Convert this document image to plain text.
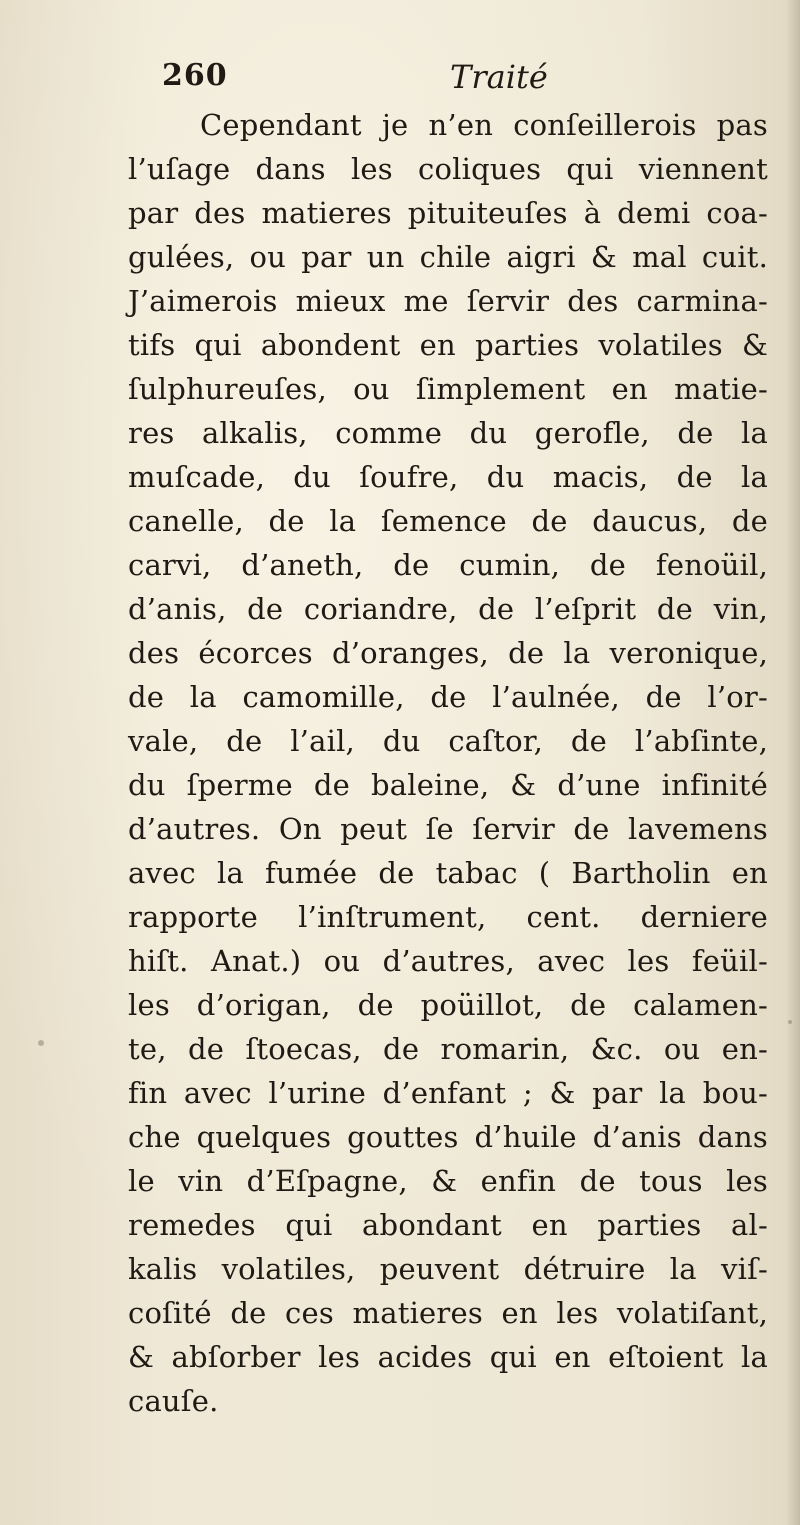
260	Traité
Cependant je n’en conſeillerois pas
l’uſage dans les coliques qui viennent
par des matieres pituiteuſes à demi coa-
gulées, ou par un chile aigri & mal cuit.
J’aimerois mieux me ſervir des carmina-
tifs qui abondent en parties volatiles &
ſulphureuſes, ou ſimplement en matie-
res alkalis, comme du gerofle, de la
muſcade, du ſoufre, du macis, de la
canelle, de la ſemence de daucus, de
carvi, d’aneth, de cumin, de fenoüil,
d’anis, de coriandre, de l’eſprit de vin,
des écorces d’oranges, de la veronique,
de la camomille, de l’aulnée, de l’or-
vale, de l’ail, du caſtor, de l’abſinte,
du ſperme de baleine, & d’une infinité
d’autres. On peut ſe ſervir de lavemens
avec la fumée de tabac ( Bartholin en
rapporte l’inſtrument, cent. derniere
hiſt. Anat.) ou d’autres, avec les feüil-
les d’origan, de poüillot, de calamen-
te, de ſtoecas, de romarin, &c. ou en-
fin avec l’urine d’enfant ; & par la bou-
che quelques gouttes d’huile d’anis dans
le vin d’Eſpagne, & enfin de tous les
remedes qui abondant en parties al-
kalis volatiles, peuvent détruire la viſ-
coſité de ces matieres en les volatiſant,
& abſorber les acides qui en eſtoient la
cauſe.
